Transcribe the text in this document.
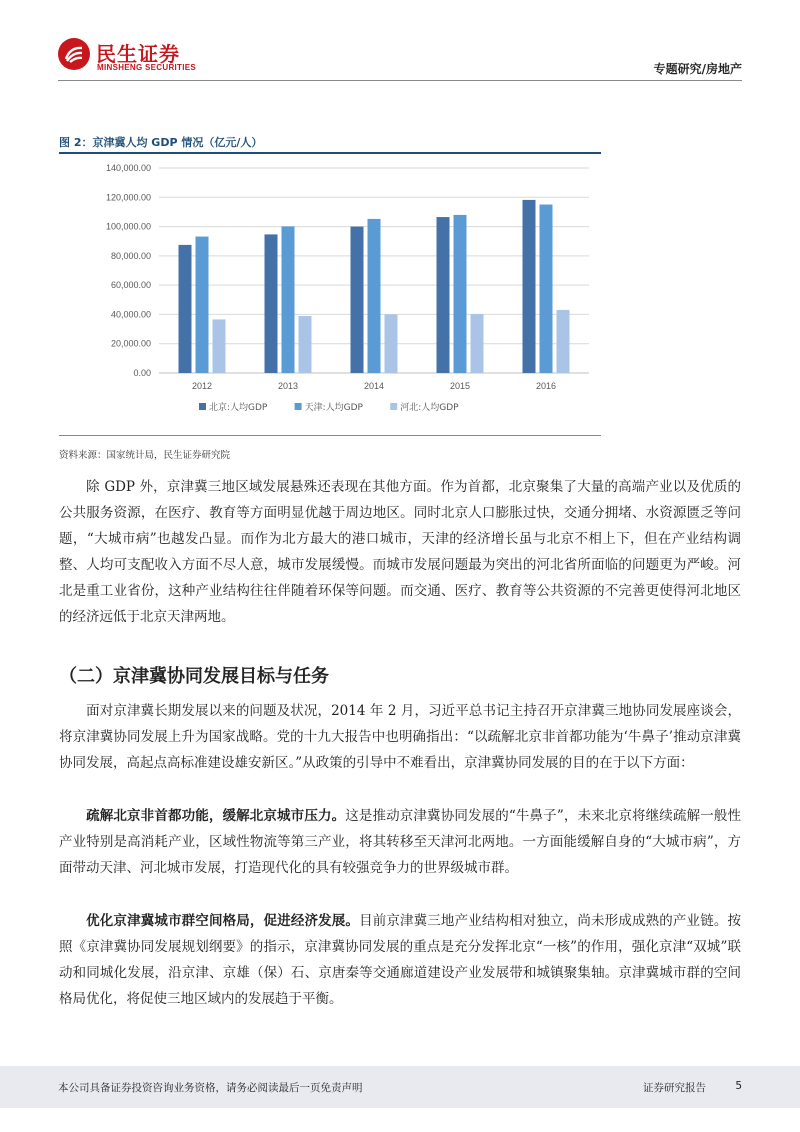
民生证券
MINSHENG SECURITIES	专题研究/房地产
图 2：京津冀人均 GDP 情况（亿元/人）
0.00
20,000.00
40,000.00
60,000.00
80,000.00
100,000.00
120,000.00
140,000.00
2012	2013	2014	2015	2016
北京:人均GDP	天津:人均GDP	河北:人均GDP
资料来源：国家统计局，民生证券研究院
除 GDP 外，京津冀三地区域发展悬殊还表现在其他方面。作为首都，北京聚集了大量的高端产业以及优质的公共服务资源，在医疗、教育等方面明显优越于周边地区。同时北京人口膨胀过快，交通分拥堵、水资源匮乏等问题，“大城市病”也越发凸显。而作为北方最大的港口城市，天津的经济增长虽与北京不相上下，但在产业结构调整、人均可支配收入方面不尽人意，城市发展缓慢。而城市发展问题最为突出的河北省所面临的问题更为严峻。河北是重工业省份，这种产业结构往往伴随着环保等问题。而交通、医疗、教育等公共资源的不完善更使得河北地区的经济远低于北京天津两地。
（二）京津冀协同发展目标与任务
面对京津冀长期发展以来的问题及状况，2014 年 2 月，习近平总书记主持召开京津冀三地协同发展座谈会，将京津冀协同发展上升为国家战略。党的十九大报告中也明确指出：“以疏解北京非首都功能为‘牛鼻子’推动京津冀协同发展，高起点高标准建设雄安新区。”从政策的引导中不难看出，京津冀协同发展的目的在于以下方面：
疏解北京非首都功能，缓解北京城市压力。这是推动京津冀协同发展的“牛鼻子”，未来北京将继续疏解一般性产业特别是高消耗产业，区域性物流等第三产业，将其转移至天津河北两地。一方面能缓解自身的“大城市病”，方面带动天津、河北城市发展，打造现代化的具有较强竞争力的世界级城市群。
优化京津冀城市群空间格局，促进经济发展。目前京津冀三地产业结构相对独立，尚未形成成熟的产业链。按照《京津冀协同发展规划纲要》的指示，京津冀协同发展的重点是充分发挥北京“一核”的作用，强化京津“双城”联动和同城化发展，沿京津、京雄（保）石、京唐秦等交通廊道建设产业发展带和城镇聚集轴。京津冀城市群的空间格局优化，将促使三地区域内的发展趋于平衡。
本公司具备证券投资咨询业务资格，请务必阅读最后一页免责声明	证券研究报告	5
